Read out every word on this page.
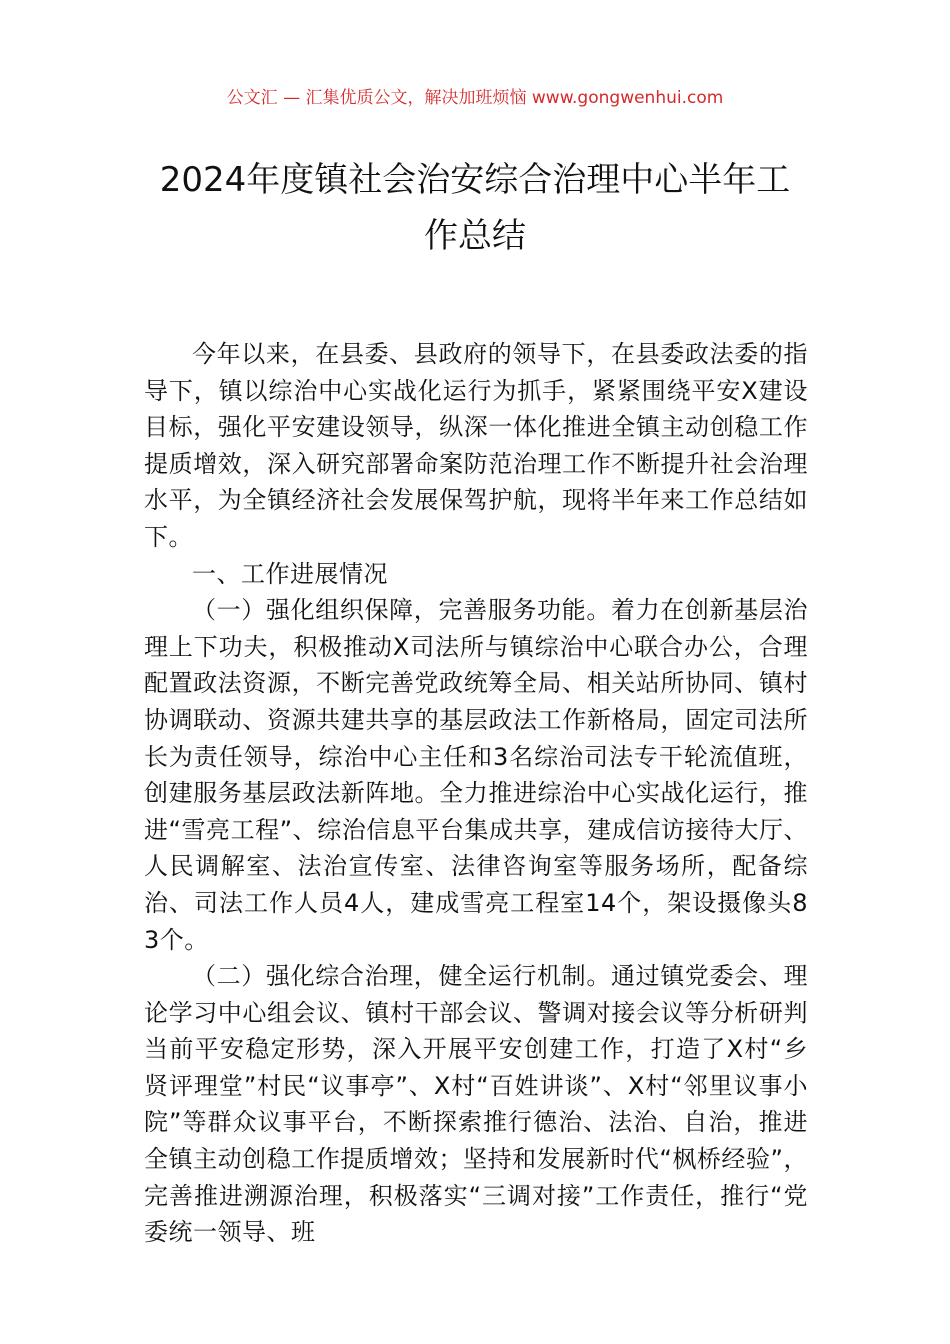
公文汇 — 汇集优质公文，解决加班烦恼 www.gongwenhui.com
2024年度镇社会治安综合治理中心半年工
作总结

今年以来，在县委、县政府的领导下，在县委政法委的指导下，镇以综治中心实战化运行为抓手，紧紧围绕平安X建设目标，强化平安建设领导，纵深一体化推进全镇主动创稳工作提质增效，深入研究部署命案防范治理工作不断提升社会治理水平，为全镇经济社会发展保驾护航，现将半年来工作总结如下。

一、工作进展情况

（一）强化组织保障，完善服务功能。着力在创新基层治理上下功夫，积极推动X司法所与镇综治中心联合办公，合理配置政法资源，不断完善党政统筹全局、相关站所协同、镇村协调联动、资源共建共享的基层政法工作新格局，固定司法所长为责任领导，综治中心主任和3名综治司法专干轮流值班，创建服务基层政法新阵地。全力推进综治中心实战化运行，推进“雪亮工程”、综治信息平台集成共享，建成信访接待大厅、人民调解室、法治宣传室、法律咨询室等服务场所，配备综治、司法工作人员4人，建成雪亮工程室14个，架设摄像头83个。

（二）强化综合治理，健全运行机制。通过镇党委会、理论学习中心组会议、镇村干部会议、警调对接会议等分析研判当前平安稳定形势，深入开展平安创建工作，打造了X村“乡贤评理堂”村民“议事亭”、X村“百姓讲谈”、X村“邻里议事小院”等群众议事平台，不断探索推行德治、法治、自治，推进全镇主动创稳工作提质增效；坚持和发展新时代“枫桥经验”，完善推进溯源治理，积极落实“三调对接”工作责任，推行“党委统一领导、班
